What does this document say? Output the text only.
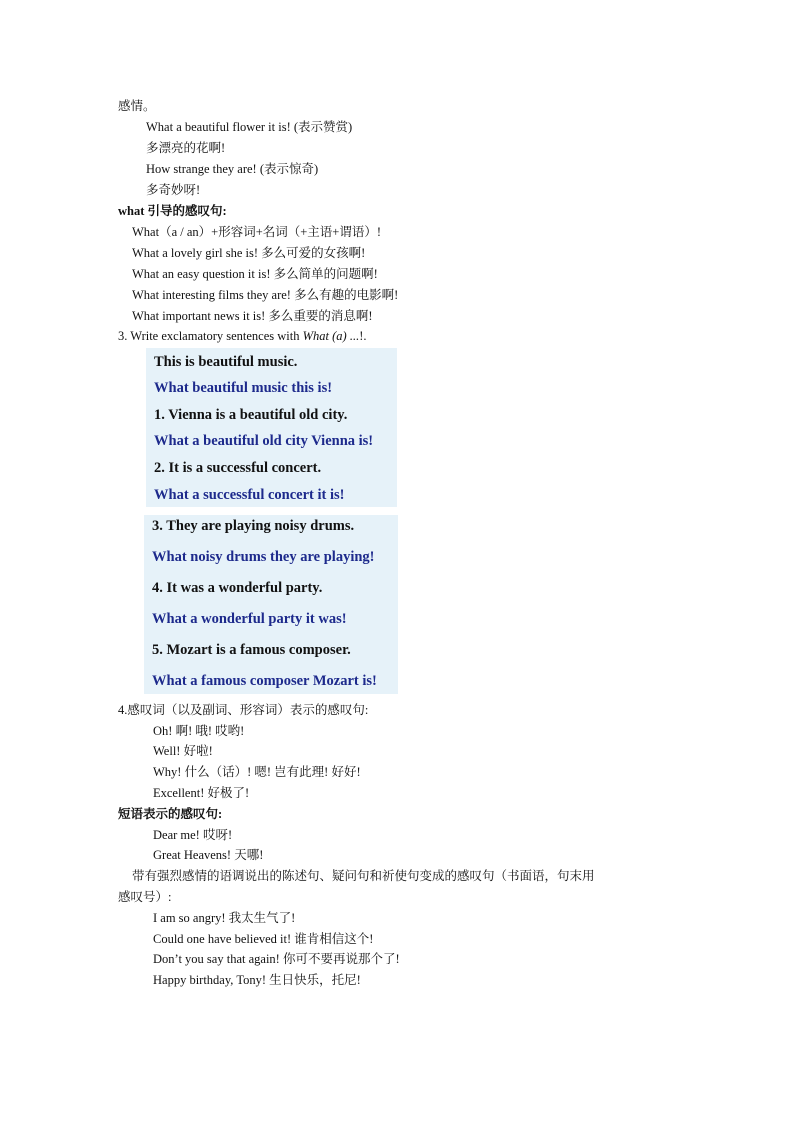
感情。
What a beautiful flower it is! (表示赞赏)
多漂亮的花啊!
How strange they are! (表示惊奇)
多奇妙呀!
what 引导的感叹句:
What（a / an）+形容词+名词（+主语+谓语）!
What a lovely girl she is! 多么可爱的女孩啊!
What an easy question it is! 多么简单的问题啊!
What interesting films they are! 多么有趣的电影啊!
What important news it is! 多么重要的消息啊!
3. Write exclamatory sentences with What (a) ...!.
This is beautiful music.
What beautiful music this is!
1. Vienna is a beautiful old city.
What a beautiful old city Vienna is!
2. It is a successful concert.
What a successful concert it is!
3. They are playing noisy drums.
What noisy drums they are playing!
4. It was a wonderful party.
What a wonderful party it was!
5. Mozart is a famous composer.
What a famous composer Mozart is!
4.感叹词（以及副词、形容词）表示的感叹句:
Oh! 啊! 哦! 哎哟!
Well! 好啦!
Why! 什么（话）! 嗯! 岂有此理! 好好!
Excellent! 好极了!
短语表示的感叹句:
Dear me! 哎呀!
Great Heavens! 天哪!
带有强烈感情的语调说出的陈述句、疑问句和祈使句变成的感叹句（书面语，句末用
感叹号）:
I am so angry! 我太生气了!
Could one have believed it! 谁肯相信这个!
Don’t you say that again! 你可不要再说那个了!
Happy birthday, Tony! 生日快乐，托尼!
